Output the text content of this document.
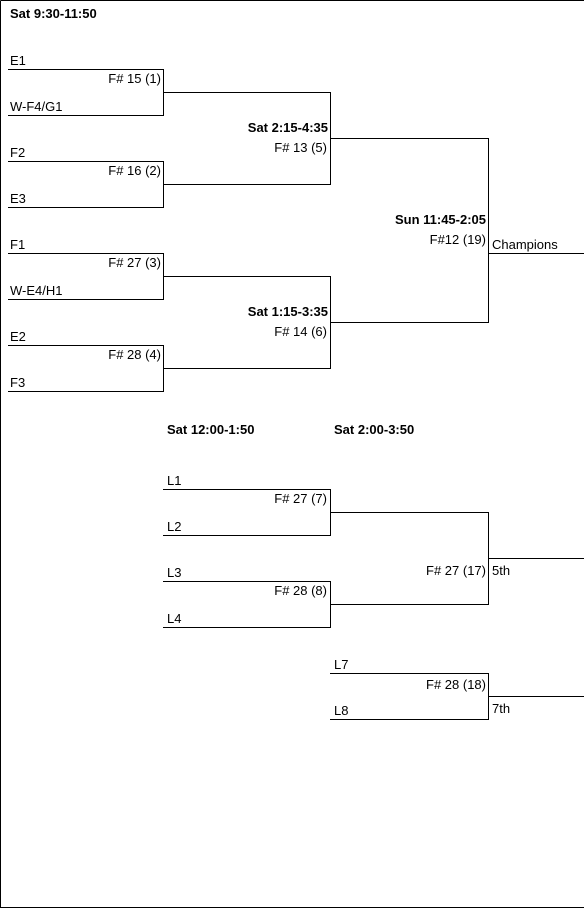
Sat 9:30-11:50
Sat 2:15-4:35
Sun 11:45-2:05
Sat 1:15-3:35
Sat 12:00-1:50	Sat 2:00-3:50
E1
W-F4/G1
F2
E3
F1
W-E4/H1
E2
F3
F# 15 (1)
F# 16 (2)
F# 27 (3)
F# 28 (4)
F# 13 (5)
F# 14 (6)
F#12 (19) Champions
5th
7th
L1
L2
L3
L4
L7
L8
F# 27 (7)
F# 28 (8)
F# 27 (17)
F# 28 (18)
